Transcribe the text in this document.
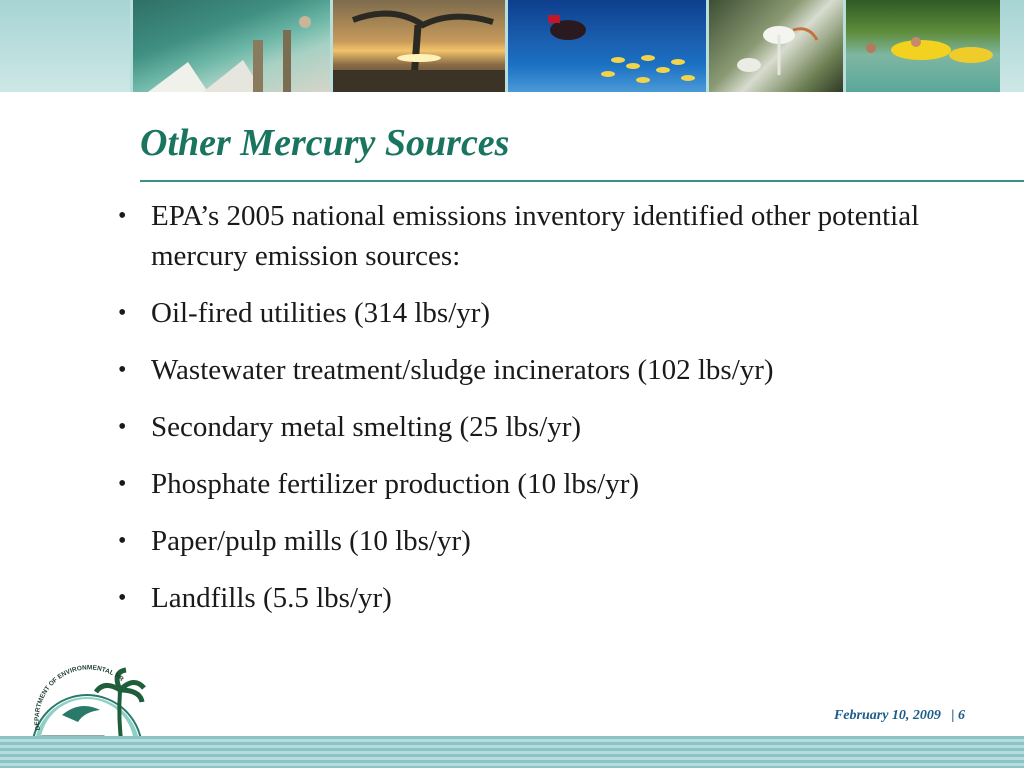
Other Mercury Sources
• EPA’s 2005 national emissions inventory identified other potential mercury emission sources:
• Oil-fired utilities (314 lbs/yr)
• Wastewater treatment/sludge incinerators (102 lbs/yr)
• Secondary metal smelting (25 lbs/yr)
• Phosphate fertilizer production (10 lbs/yr)
• Paper/pulp mills (10 lbs/yr)
• Landfills (5.5 lbs/yr)
DEPARTMENT OF ENVIRONMENTAL PR
February 10, 2009 | 6
